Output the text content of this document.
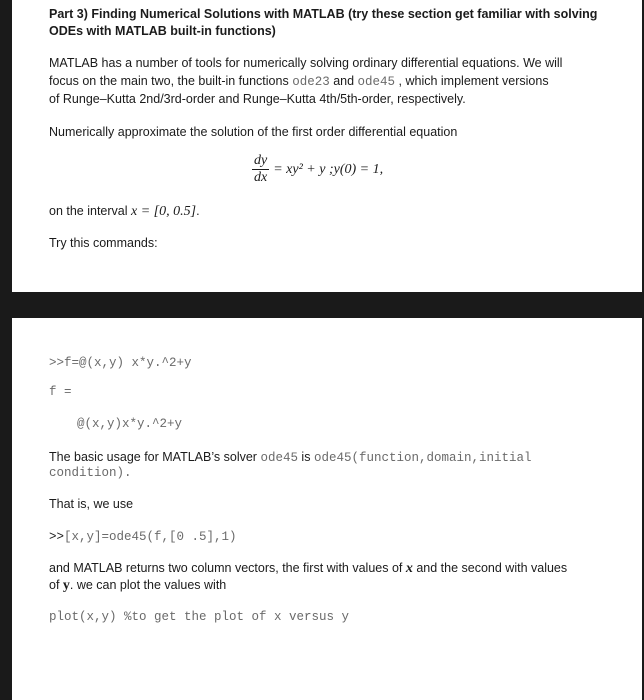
Part 3) Finding Numerical Solutions with MATLAB (try these section get familiar with solving

ODEs with MATLAB built-in functions)

MATLAB has a number of tools for numerically solving ordinary differential equations. We will

focus on the main two, the built-in functions ode23 and ode45 , which implement versions

of Runge–Kutta 2nd/3rd-order and Runge–Kutta 4th/5th-order, respectively.

Numerically approximate the solution of the first order differential equation

$\frac{dy}{dx} = xy^2 + y$ ;y(0) = 1,

on the interval x = [0, 0.5].

Try this commands:

>>f=@(x,y) x*y.^2+y

f =

@(x,y)x*y.^2+y

The basic usage for MATLAB’s solver ode45 is ode45(function,domain,initial

condition).

That is, we use

>>[x,y]=ode45(f,[0 .5],1)

and MATLAB returns two column vectors, the first with values of x and the second with values

of y. we can plot the values with

plot(x,y) %to get the plot of x versus y
